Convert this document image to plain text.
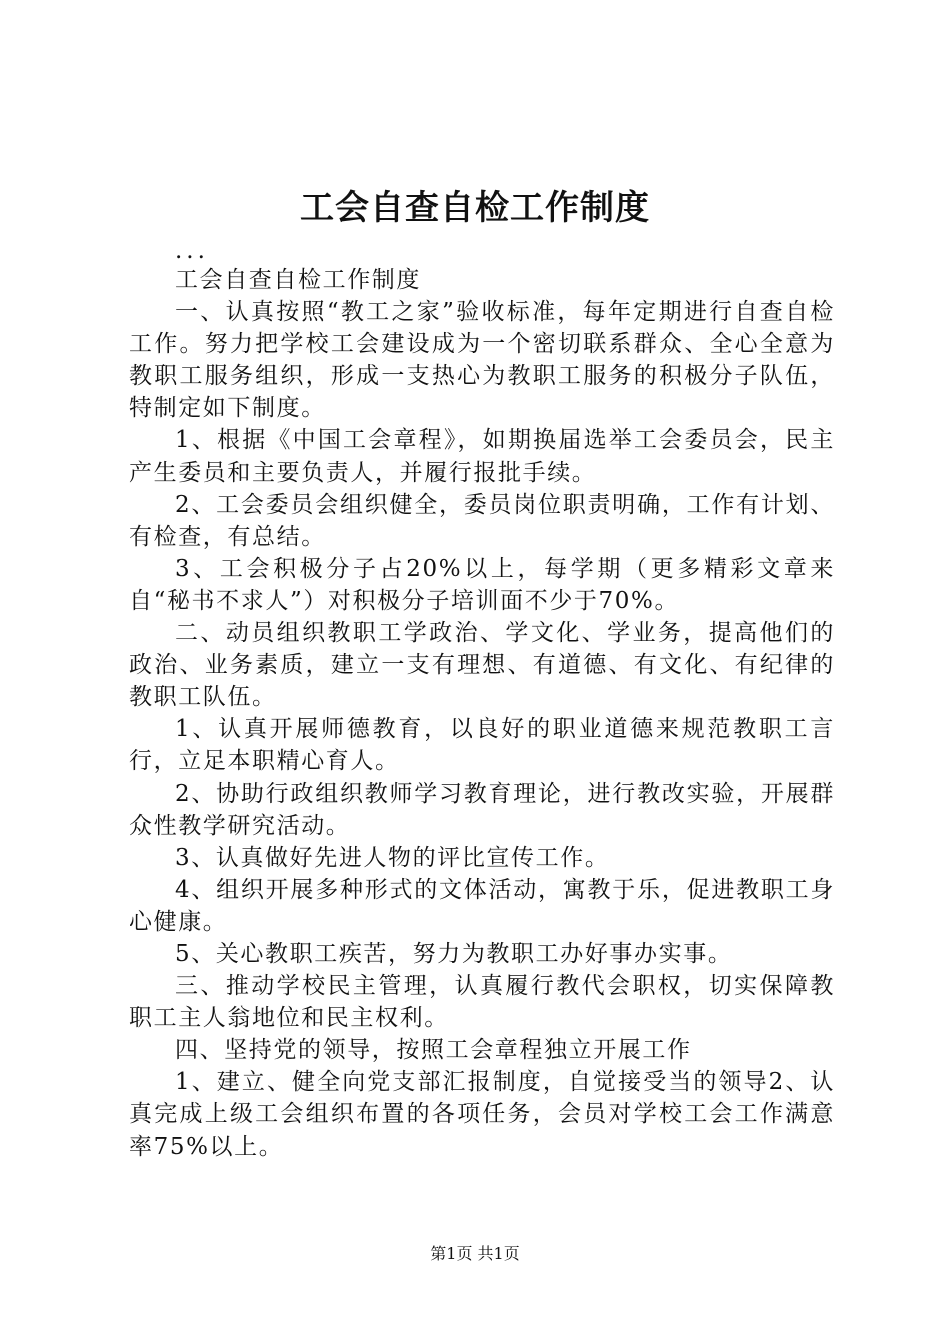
工会自查自检工作制度

...

工会自查自检工作制度

一、认真按照“教工之家”验收标准，每年定期进行自查自检工作。努力把学校工会建设成为一个密切联系群众、全心全意为教职工服务组织，形成一支热心为教职工服务的积极分子队伍，特制定如下制度。

1、根据《中国工会章程》，如期换届选举工会委员会，民主产生委员和主要负责人，并履行报批手续。

2、工会委员会组织健全，委员岗位职责明确，工作有计划、有检查，有总结。

3、工会积极分子占20%以上，每学期（更多精彩文章来自“秘书不求人”）对积极分子培训面不少于70%。

二、动员组织教职工学政治、学文化、学业务，提高他们的政治、业务素质，建立一支有理想、有道德、有文化、有纪律的教职工队伍。

1、认真开展师德教育，以良好的职业道德来规范教职工言行，立足本职精心育人。

2、协助行政组织教师学习教育理论，进行教改实验，开展群众性教学研究活动。

3、认真做好先进人物的评比宣传工作。

4、组织开展多种形式的文体活动，寓教于乐，促进教职工身心健康。

5、关心教职工疾苦，努力为教职工办好事办实事。

三、推动学校民主管理，认真履行教代会职权，切实保障教职工主人翁地位和民主权利。

四、坚持党的领导，按照工会章程独立开展工作

1、建立、健全向党支部汇报制度，自觉接受当的领导2、认真完成上级工会组织布置的各项任务，会员对学校工会工作满意率75%以上。

第1页 共1页
